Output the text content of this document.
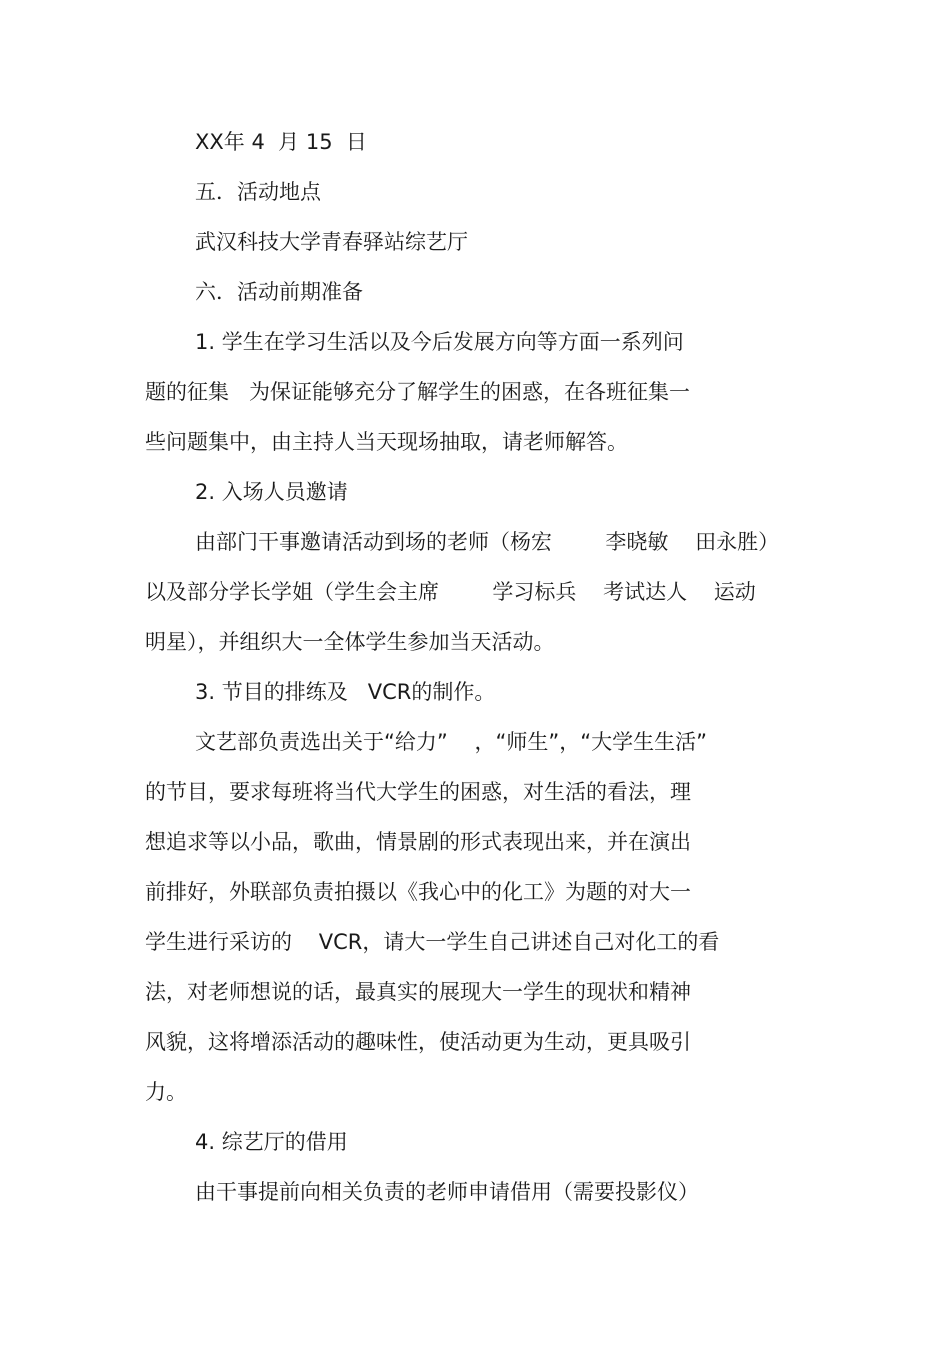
XX年 4  月 15  日

五．活动地点

武汉科技大学青春驿站综艺厅

六．活动前期准备

1. 学生在学习生活以及今后发展方向等方面一系列问

题的征集   为保证能够充分了解学生的困惑，在各班征集一

些问题集中，由主持人当天现场抽取，请老师解答。

2. 入场人员邀请

由部门干事邀请活动到场的老师（杨宏        李晓敏    田永胜）

以及部分学长学姐（学生会主席        学习标兵    考试达人    运动

明星），并组织大一全体学生参加当天活动。

3. 节目的排练及   VCR的制作。

文艺部负责选出关于“给力”    ，“师生”，“大学生生活”

的节目，要求每班将当代大学生的困惑，对生活的看法，理

想追求等以小品，歌曲，情景剧的形式表现出来，并在演出

前排好，外联部负责拍摄以《我心中的化工》为题的对大一

学生进行采访的    VCR，请大一学生自己讲述自己对化工的看

法，对老师想说的话，最真实的展现大一学生的现状和精神

风貌，这将增添活动的趣味性，使活动更为生动，更具吸引

力。

4. 综艺厅的借用

由干事提前向相关负责的老师申请借用（需要投影仪）
